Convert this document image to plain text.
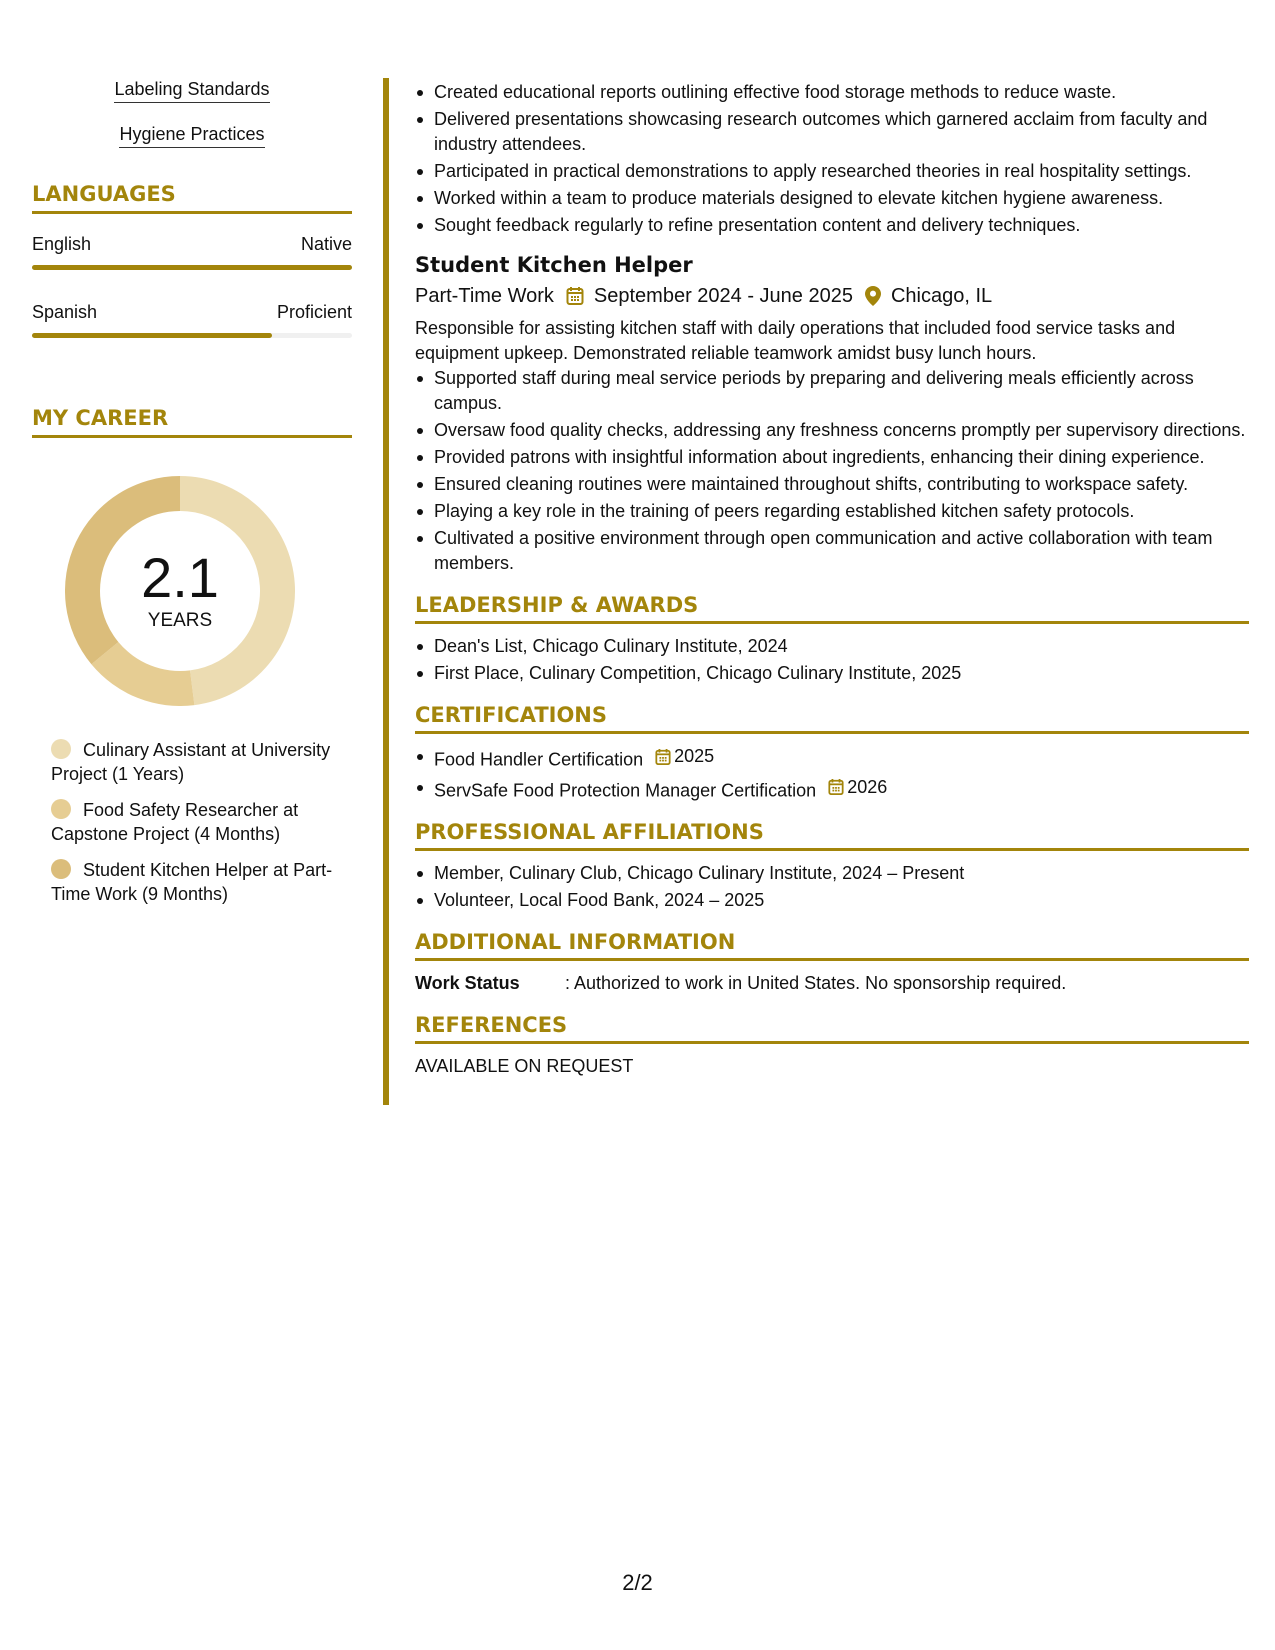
Labeling Standards
Hygiene Practices
LANGUAGES
English	Native
Spanish	Proficient
MY CAREER
2.1
YEARS
Culinary Assistant at University Project (1 Years)
Food Safety Researcher at Capstone Project (4 Months)
Student Kitchen Helper at Part-Time Work (9 Months)
Created educational reports outlining effective food storage methods to reduce waste.
Delivered presentations showcasing research outcomes which garnered acclaim from faculty and industry attendees.
Participated in practical demonstrations to apply researched theories in real hospitality settings.
Worked within a team to produce materials designed to elevate kitchen hygiene awareness.
Sought feedback regularly to refine presentation content and delivery techniques.
Student Kitchen Helper
Part-Time Work September 2024 - June 2025 Chicago, IL
Responsible for assisting kitchen staff with daily operations that included food service tasks and equipment upkeep. Demonstrated reliable teamwork amidst busy lunch hours.
Supported staff during meal service periods by preparing and delivering meals efficiently across campus.
Oversaw food quality checks, addressing any freshness concerns promptly per supervisory directions.
Provided patrons with insightful information about ingredients, enhancing their dining experience.
Ensured cleaning routines were maintained throughout shifts, contributing to workspace safety.
Playing a key role in the training of peers regarding established kitchen safety protocols.
Cultivated a positive environment through open communication and active collaboration with team members.
LEADERSHIP & AWARDS
Dean's List, Chicago Culinary Institute, 2024
First Place, Culinary Competition, Chicago Culinary Institute, 2025
CERTIFICATIONS
Food Handler Certification 2025
ServSafe Food Protection Manager Certification 2026
PROFESSIONAL AFFILIATIONS
Member, Culinary Club, Chicago Culinary Institute, 2024 – Present
Volunteer, Local Food Bank, 2024 – 2025
ADDITIONAL INFORMATION
Work Status	: Authorized to work in United States. No sponsorship required.
REFERENCES
AVAILABLE ON REQUEST
2/2
